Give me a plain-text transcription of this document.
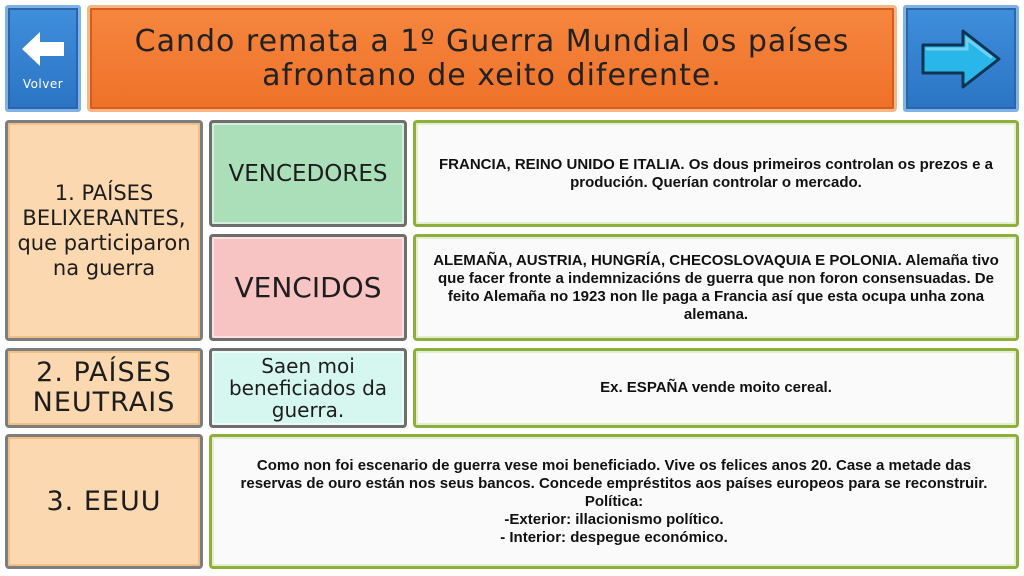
Volver
Cando remata a 1º Guerra Mundial os países afrontano de xeito diferente.
1. PAÍSES BELIXERANTES, que participaron na guerra
VENCEDORES	FRANCIA, REINO UNIDO E ITALIA. Os dous primeiros controlan os prezos e a produción. Querían controlar o mercado.
VENCIDOS
ALEMAÑA, AUSTRIA, HUNGRÍA, CHECOSLOVAQUIA E POLONIA. Alemaña tivo que facer fronte a indemnizacións de guerra que non foron consensuadas. De feito Alemaña no 1923 non lle paga a Francia así que esta ocupa unha zona alemana.
2. PAÍSES NEUTRAIS
Saen moi beneficiados da guerra.
Ex. ESPAÑA vende moito cereal.
3. EEUU
Como non foi escenario de guerra vese moi beneficiado. Vive os felices anos 20. Case a metade das reservas de ouro están nos seus bancos. Concede empréstitos aos países europeos para se reconstruir. Política:
-Exterior: illacionismo político.
- Interior: despegue económico.
